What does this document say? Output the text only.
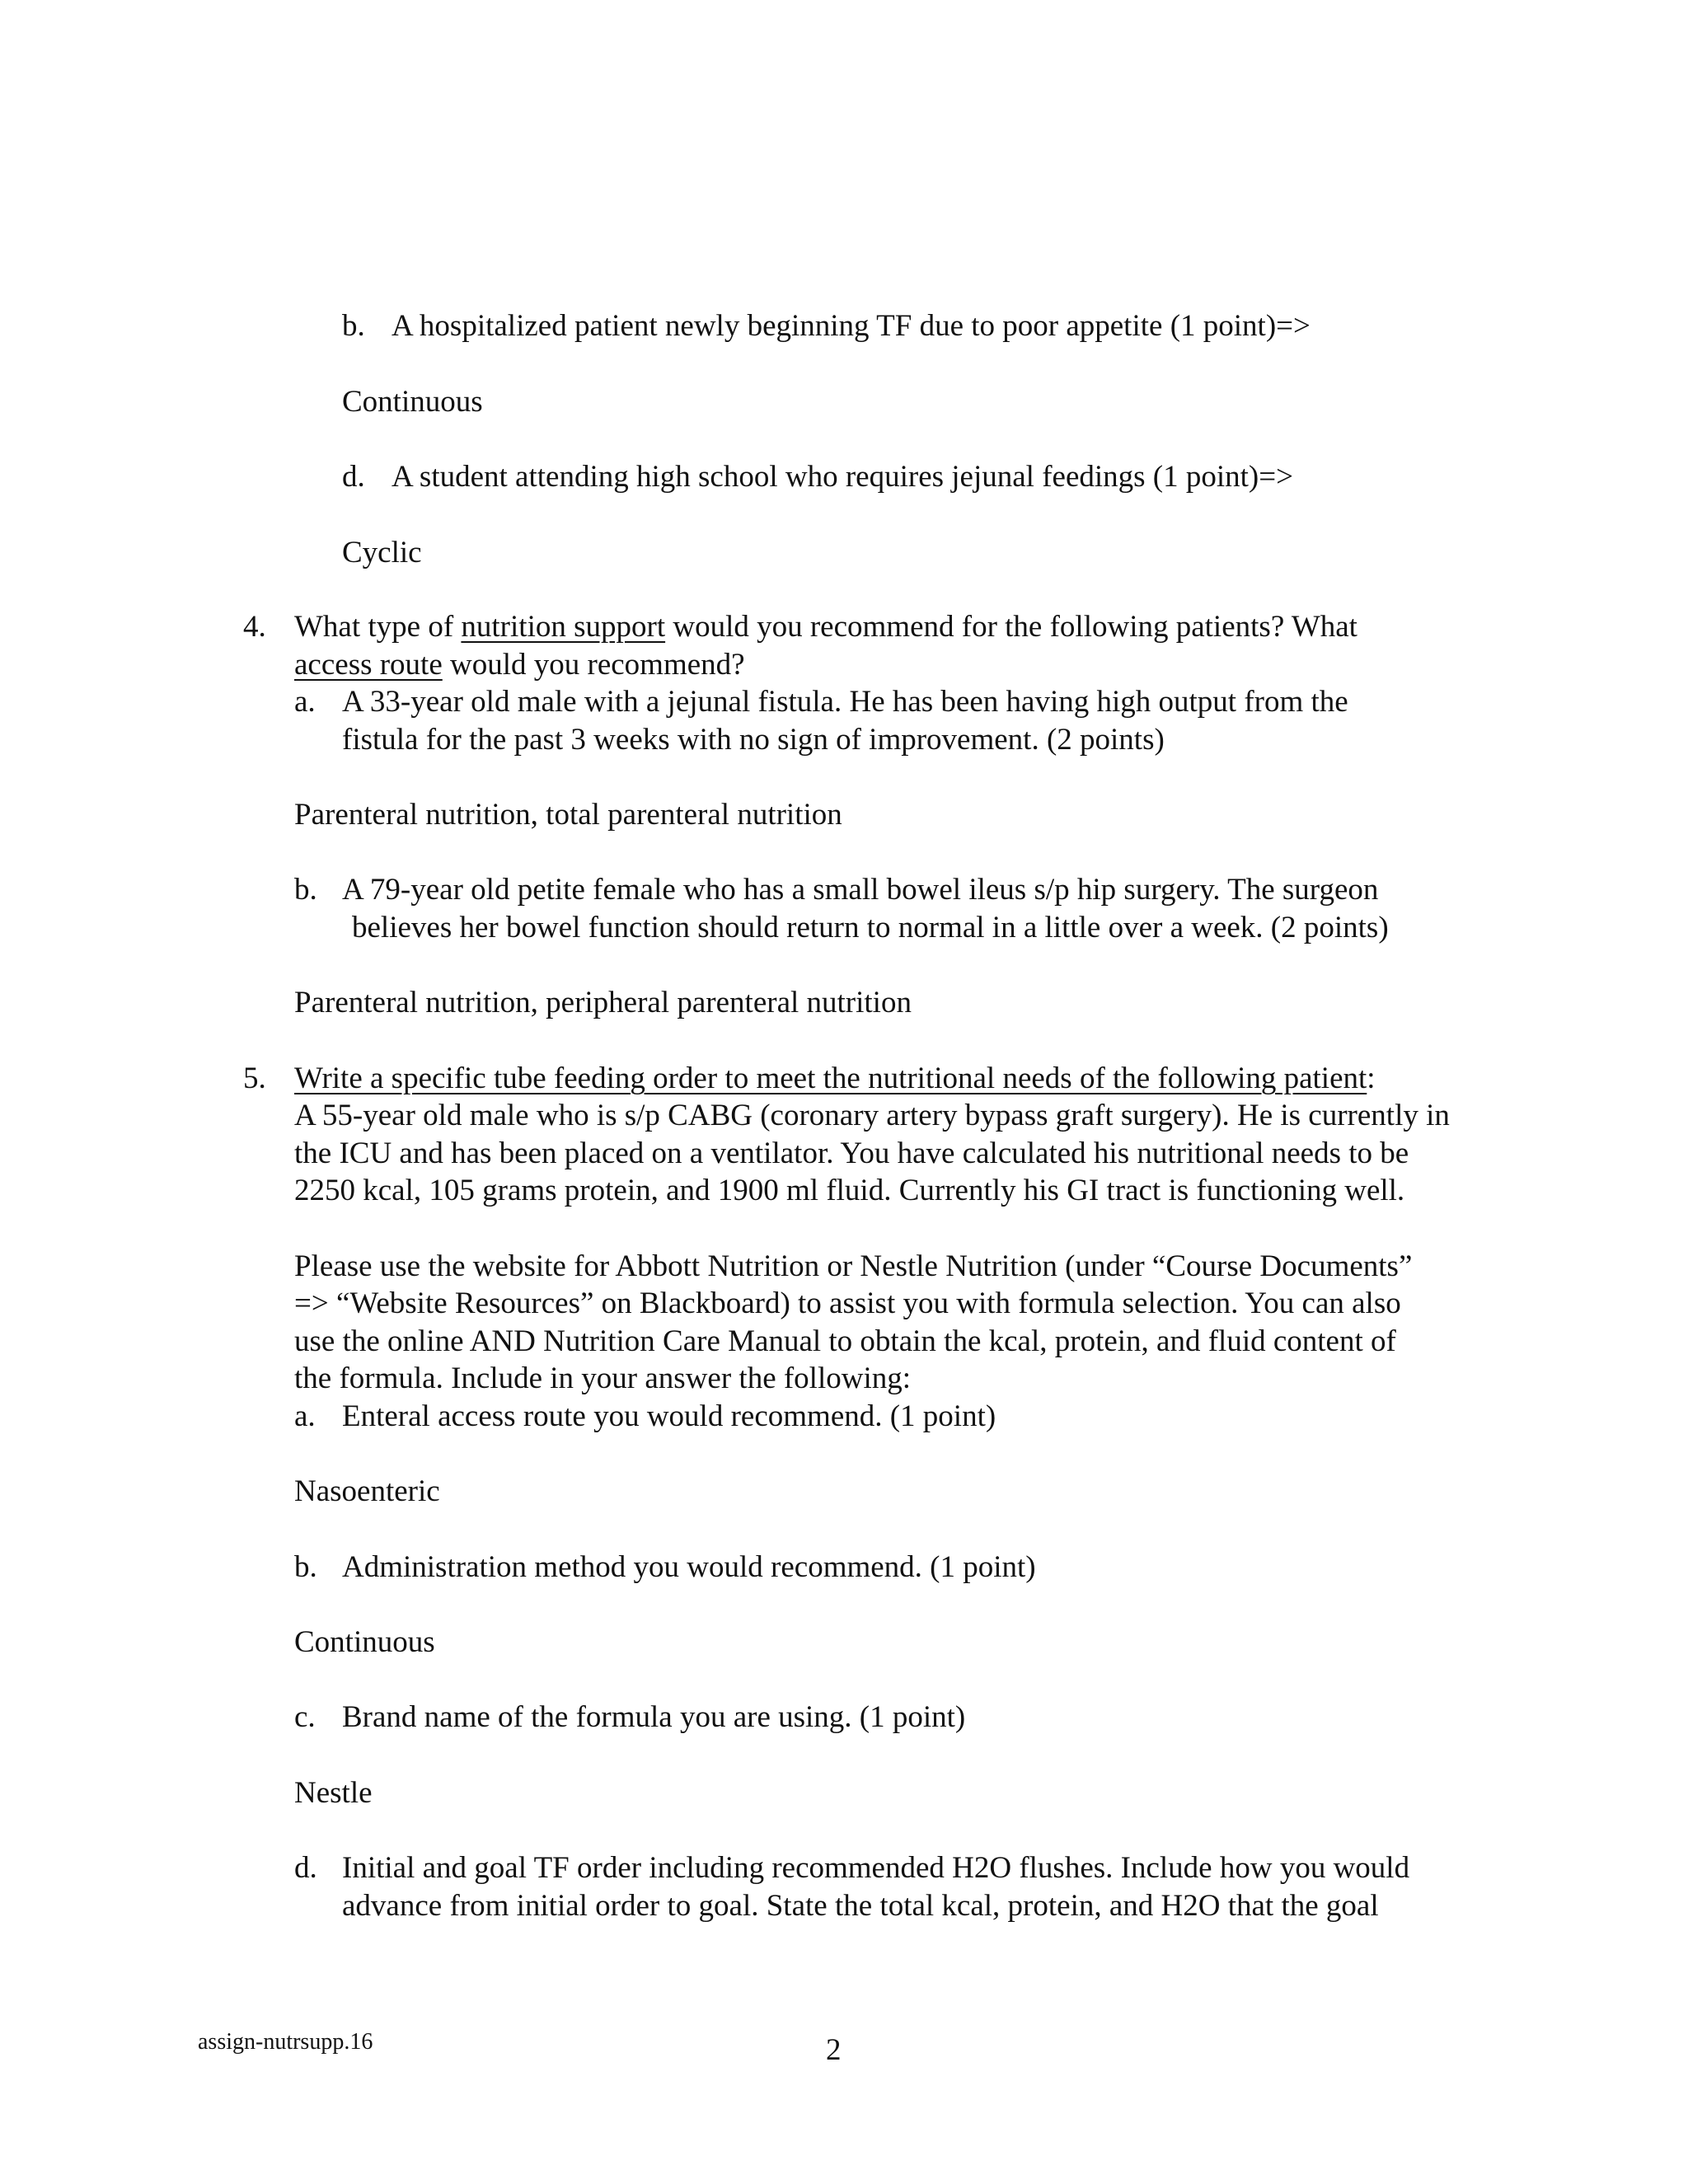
b. A hospitalized patient newly beginning TF due to poor appetite (1 point)=>
Continuous
d. A student attending high school who requires jejunal feedings (1 point)=>
Cyclic
4. What type of nutrition support would you recommend for the following patients? What
access route would you recommend?
a. A 33-year old male with a jejunal fistula. He has been having high output from the
fistula for the past 3 weeks with no sign of improvement. (2 points)
Parenteral nutrition, total parenteral nutrition
b. A 79-year old petite female who has a small bowel ileus s/p hip surgery. The surgeon
believes her bowel function should return to normal in a little over a week. (2 points)
Parenteral nutrition, peripheral parenteral nutrition
5. Write a specific tube feeding order to meet the nutritional needs of the following patient:
A 55-year old male who is s/p CABG (coronary artery bypass graft surgery). He is currently in
the ICU and has been placed on a ventilator. You have calculated his nutritional needs to be
2250 kcal, 105 grams protein, and 1900 ml fluid. Currently his GI tract is functioning well.
Please use the website for Abbott Nutrition or Nestle Nutrition (under “Course Documents”
=> “Website Resources” on Blackboard) to assist you with formula selection. You can also
use the online AND Nutrition Care Manual to obtain the kcal, protein, and fluid content of
the formula. Include in your answer the following:
a. Enteral access route you would recommend. (1 point)
Nasoenteric
b. Administration method you would recommend. (1 point)
Continuous
c. Brand name of the formula you are using. (1 point)
Nestle
d. Initial and goal TF order including recommended H2O flushes. Include how you would
advance from initial order to goal. State the total kcal, protein, and H2O that the goal
assign-nutrsupp.16	2
